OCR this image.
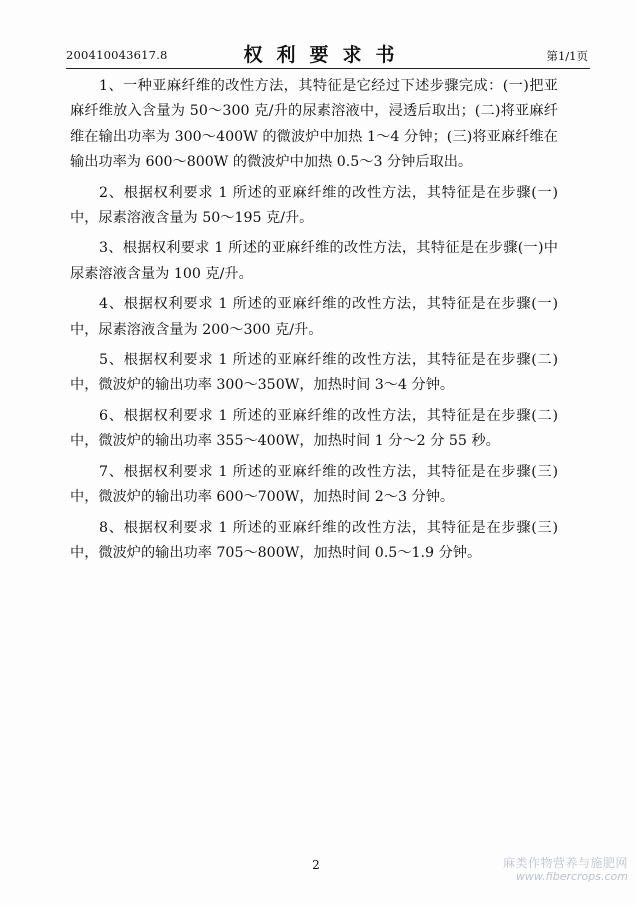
200410043617.8	权利要求书	第1/1页

1、一种亚麻纤维的改性方法，其特征是它经过下述步骤完成：(一)把亚麻纤维放入含量为 50～300 克/升的尿素溶液中，浸透后取出；(二)将亚麻纤维在输出功率为 300～400W 的微波炉中加热 1～4 分钟；(三)将亚麻纤维在输出功率为 600～800W 的微波炉中加热 0.5～3 分钟后取出。

2、根据权利要求 1 所述的亚麻纤维的改性方法，其特征是在步骤(一)中，尿素溶液含量为 50～195 克/升。

3、根据权利要求 1 所述的亚麻纤维的改性方法，其特征是在步骤(一)中尿素溶液含量为 100 克/升。

4、根据权利要求 1 所述的亚麻纤维的改性方法，其特征是在步骤(一)中，尿素溶液含量为 200～300 克/升。

5、根据权利要求 1 所述的亚麻纤维的改性方法，其特征是在步骤(二)中，微波炉的输出功率 300～350W，加热时间 3～4 分钟。

6、根据权利要求 1 所述的亚麻纤维的改性方法，其特征是在步骤(二)中，微波炉的输出功率 355～400W，加热时间 1 分～2 分 55 秒。

7、根据权利要求 1 所述的亚麻纤维的改性方法，其特征是在步骤(三)中，微波炉的输出功率 600～700W，加热时间 2～3 分钟。

8、根据权利要求 1 所述的亚麻纤维的改性方法，其特征是在步骤(三)中，微波炉的输出功率 705～800W，加热时间 0.5～1.9 分钟。

2	麻类作物营养与施肥网
www.fibercrops.com
